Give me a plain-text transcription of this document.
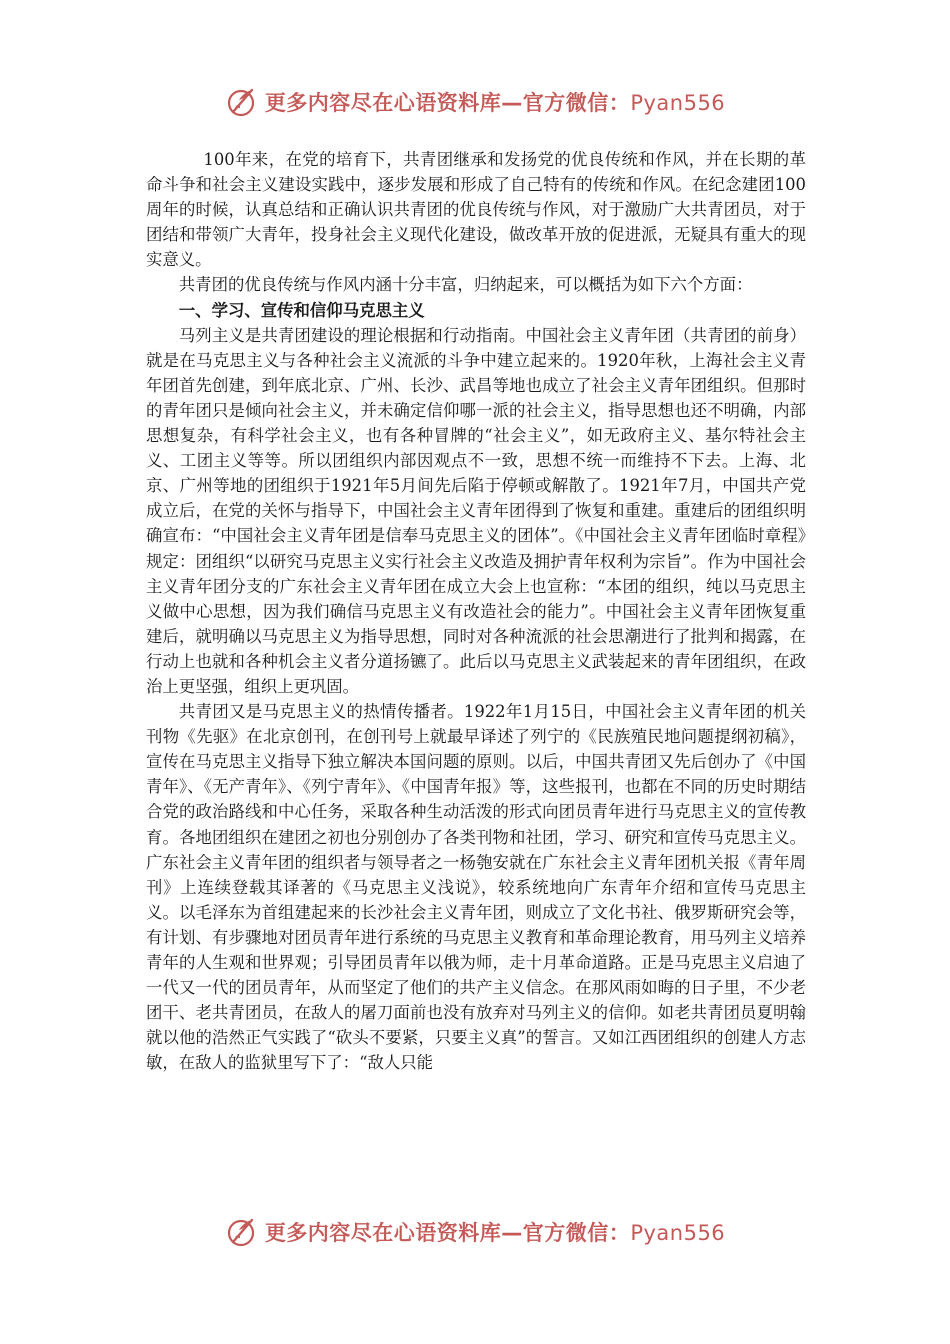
更多内容尽在心语资料库—官方微信：Pyan556

100年来，在党的培育下，共青团继承和发扬党的优良传统和作风，并在长期的革命斗争和社会主义建设实践中，逐步发展和形成了自己特有的传统和作风。在纪念建团100周年的时候，认真总结和正确认识共青团的优良传统与作风，对于激励广大共青团员，对于团结和带领广大青年，投身社会主义现代化建设，做改革开放的促进派，无疑具有重大的现实意义。

共青团的优良传统与作风内涵十分丰富，归纳起来，可以概括为如下六个方面：

一、学习、宣传和信仰马克思主义

马列主义是共青团建设的理论根据和行动指南。中国社会主义青年团（共青团的前身）就是在马克思主义与各种社会主义流派的斗争中建立起来的。1920年秋，上海社会主义青年团首先创建，到年底北京、广州、长沙、武昌等地也成立了社会主义青年团组织。但那时的青年团只是倾向社会主义，并未确定信仰哪一派的社会主义，指导思想也还不明确，内部思想复杂，有科学社会主义，也有各种冒牌的“社会主义”，如无政府主义、基尔特社会主义、工团主义等等。所以团组织内部因观点不一致，思想不统一而维持不下去。上海、北京、广州等地的团组织于1921年5月间先后陷于停顿或解散了。1921年7月，中国共产党成立后，在党的关怀与指导下，中国社会主义青年团得到了恢复和重建。重建后的团组织明确宣布：“中国社会主义青年团是信奉马克思主义的团体”。《中国社会主义青年团临时章程》规定：团组织“以研究马克思主义实行社会主义改造及拥护青年权利为宗旨”。作为中国社会主义青年团分支的广东社会主义青年团在成立大会上也宣称：“本团的组织，纯以马克思主义做中心思想，因为我们确信马克思主义有改造社会的能力”。中国社会主义青年团恢复重建后，就明确以马克思主义为指导思想，同时对各种流派的社会思潮进行了批判和揭露，在行动上也就和各种机会主义者分道扬镳了。此后以马克思主义武装起来的青年团组织，在政治上更坚强，组织上更巩固。

共青团又是马克思主义的热情传播者。1922年1月15日，中国社会主义青年团的机关刊物《先驱》在北京创刊，在创刊号上就最早译述了列宁的《民族殖民地问题提纲初稿》，宣传在马克思主义指导下独立解决本国问题的原则。以后，中国共青团又先后创办了《中国青年》、《无产青年》、《列宁青年》、《中国青年报》等，这些报刊，也都在不同的历史时期结合党的政治路线和中心任务，采取各种生动活泼的形式向团员青年进行马克思主义的宣传教育。各地团组织在建团之初也分别创办了各类刊物和社团，学习、研究和宣传马克思主义。广东社会主义青年团的组织者与领导者之一杨匏安就在广东社会主义青年团机关报《青年周刊》上连续登载其译著的《马克思主义浅说》，较系统地向广东青年介绍和宣传马克思主义。以毛泽东为首组建起来的长沙社会主义青年团，则成立了文化书社、俄罗斯研究会等，有计划、有步骤地对团员青年进行系统的马克思主义教育和革命理论教育，用马列主义培养青年的人生观和世界观；引导团员青年以俄为师，走十月革命道路。正是马克思主义启迪了一代又一代的团员青年，从而坚定了他们的共产主义信念。在那风雨如晦的日子里，不少老团干、老共青团员，在敌人的屠刀面前也没有放弃对马列主义的信仰。如老共青团员夏明翰就以他的浩然正气实践了“砍头不要紧，只要主义真”的誓言。又如江西团组织的创建人方志敏，在敌人的监狱里写下了：“敌人只能

更多内容尽在心语资料库—官方微信：Pyan556
